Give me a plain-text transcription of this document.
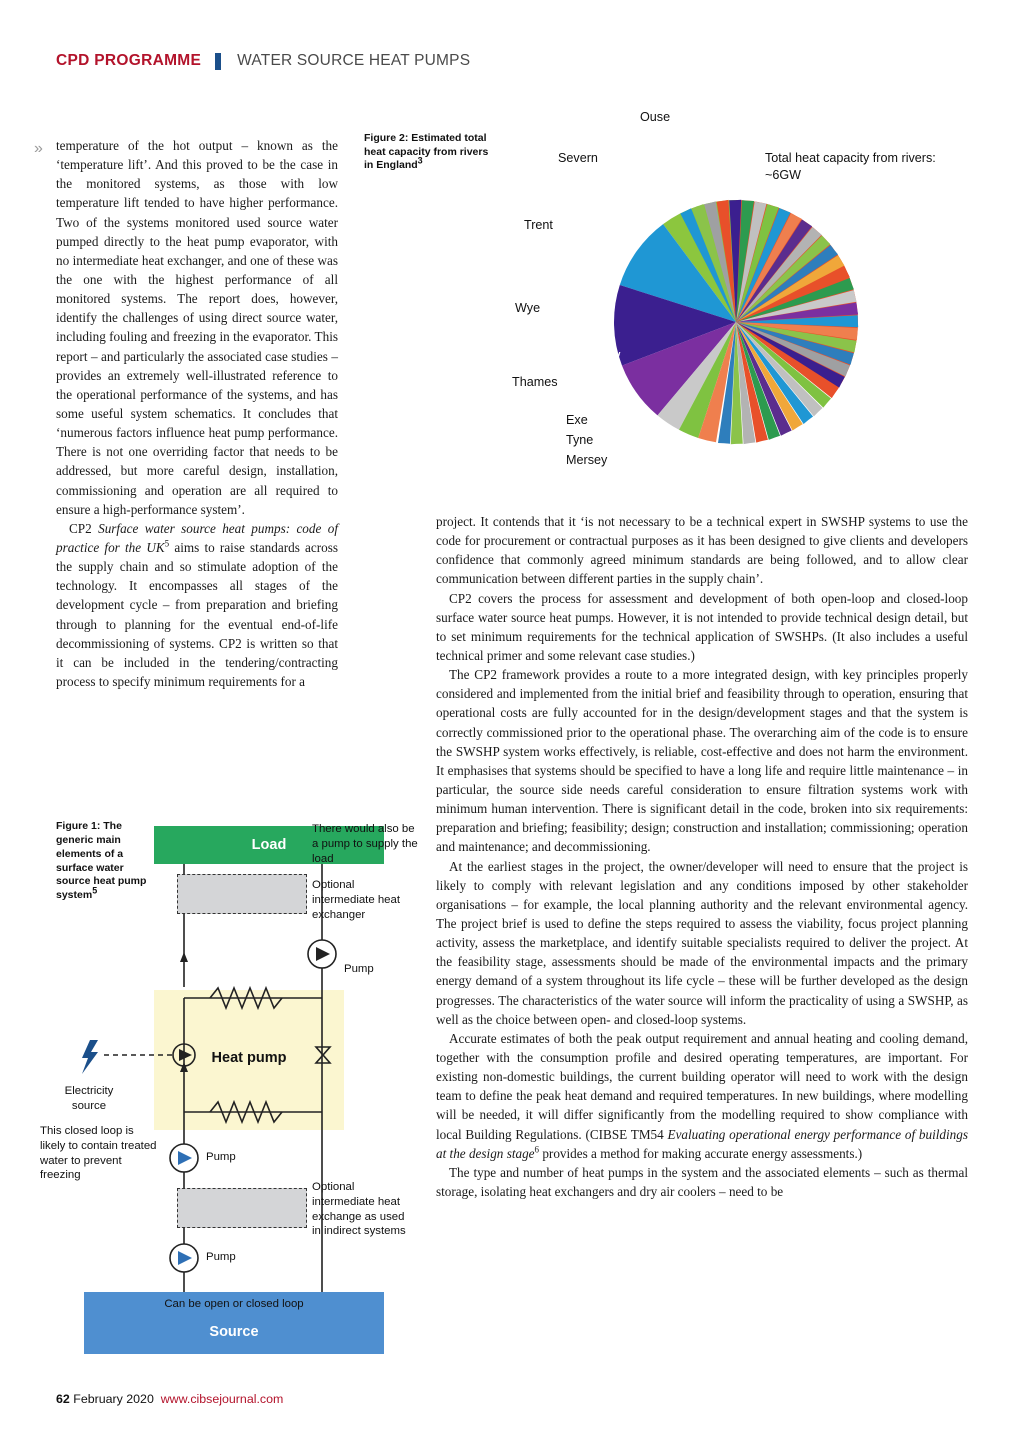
CPD PROGRAMME WATER SOURCE HEAT PUMPS
» temperature of the hot output – known as the ‘temperature lift’. And this proved to be the case in the monitored systems, as those with low temperature lift tended to have higher performance. Two of the systems monitored used source water pumped directly to the heat pump evaporator, with no intermediate heat exchanger, and one of these was the one with the highest performance of all monitored systems. The report does, however, identify the challenges of using direct source water, including fouling and freezing in the evaporator. This report – and particularly the associated case studies – provides an extremely well-illustrated reference to the operational performance of the systems, and has some useful system schematics. It concludes that ‘numerous factors influence heat pump performance. There is not one overriding factor that needs to be addressed, but more careful design, installation, commissioning and operation are all required to ensure a high-performance system’.

CP2 Surface water source heat pumps: code of practice for the $UK^5$ aims to raise standards across the supply chain and so stimulate adoption of the technology. It encompasses all stages of the development cycle – from preparation and briefing through to planning for the eventual end-of-life decommissioning of systems. CP2 is written so that it can be included in the tendering/contracting process to specify minimum requirements for a

Figure 2: Estimated total heat capacity from rivers in England$^3$	Total heat capacity from rivers: ~6GW
505MW
452MW
430MW
406MW
334MW
Ouse
Severn
Trent
Wye
Thames
Exe
Tyne
Mersey

project. It contends that it ‘is not necessary to be a technical expert in SWSHP systems to use the code for procurement or contractual purposes as it has been designed to give clients and developers confidence that commonly agreed minimum standards are being followed, and to allow clear communication between different parties in the supply chain’.

CP2 covers the process for assessment and development of both open-loop and closed-loop surface water source heat pumps. However, it is not intended to provide technical design detail, but to set minimum requirements for the technical application of SWSHPs. (It also includes a useful technical primer and some relevant case studies.)

The CP2 framework provides a route to a more integrated design, with key principles properly considered and implemented from the initial brief and feasibility through to operation, ensuring that operational costs are fully accounted for in the design/development stages and that the system is correctly commissioned prior to the operational phase. The overarching aim of the code is to ensure the SWSHP system works effectively, is reliable, cost-effective and does not harm the environment. It emphasises that systems should be specified to have a long life and require little maintenance – in particular, the source side needs careful consideration to ensure filtration systems work with minimum human intervention. There is significant detail in the code, broken into six requirements: preparation and briefing; feasibility; design; construction and installation; commissioning; operation and maintenance; and decommissioning.

At the earliest stages in the project, the owner/developer will need to ensure that the project is likely to comply with relevant legislation and any conditions imposed by other stakeholder organisations – for example, the local planning authority and the relevant environmental agency. The project brief is used to define the steps required to assess the viability, focus project planning activity, assess the marketplace, and identify suitable specialists required to deliver the project. At the feasibility stage, assessments should be made of the environmental impacts and the primary energy demand of a system throughout its life cycle – these will be further developed as the design progresses. The characteristics of the water source will inform the practicality of using a SWSHP, as well as the choice between open- and closed-loop systems.

Accurate estimates of both the peak output requirement and annual heating and cooling demand, together with the consumption profile and desired operating temperatures, are important. For existing non-domestic buildings, the current building operator will need to work with the design team to define the peak heat demand and required temperatures. In new buildings, where modelling will be needed, it will differ significantly from the modelling required to show compliance with local Building Regulations. (CIBSE TM54 Evaluating operational energy performance of buildings at the design stage$^6$ provides a method for making accurate energy assessments.)

The type and number of heat pumps in the system and the associated elements – such as thermal storage, isolating heat exchangers and dry air coolers – need to be

Figure 1: The generic main elements of a surface water source heat pump system$^5$
Load
Heat pump
Can be open or closed loop
Source
There would also be a pump to supply the load
Optional intermediate heat exchanger
Pump
Electricity source
This closed loop is likely to contain treated water to prevent freezing
Pump
Optional intermediate heat exchange as used in indirect systems
Pump
62 February 2020 www.cibsejournal.com
